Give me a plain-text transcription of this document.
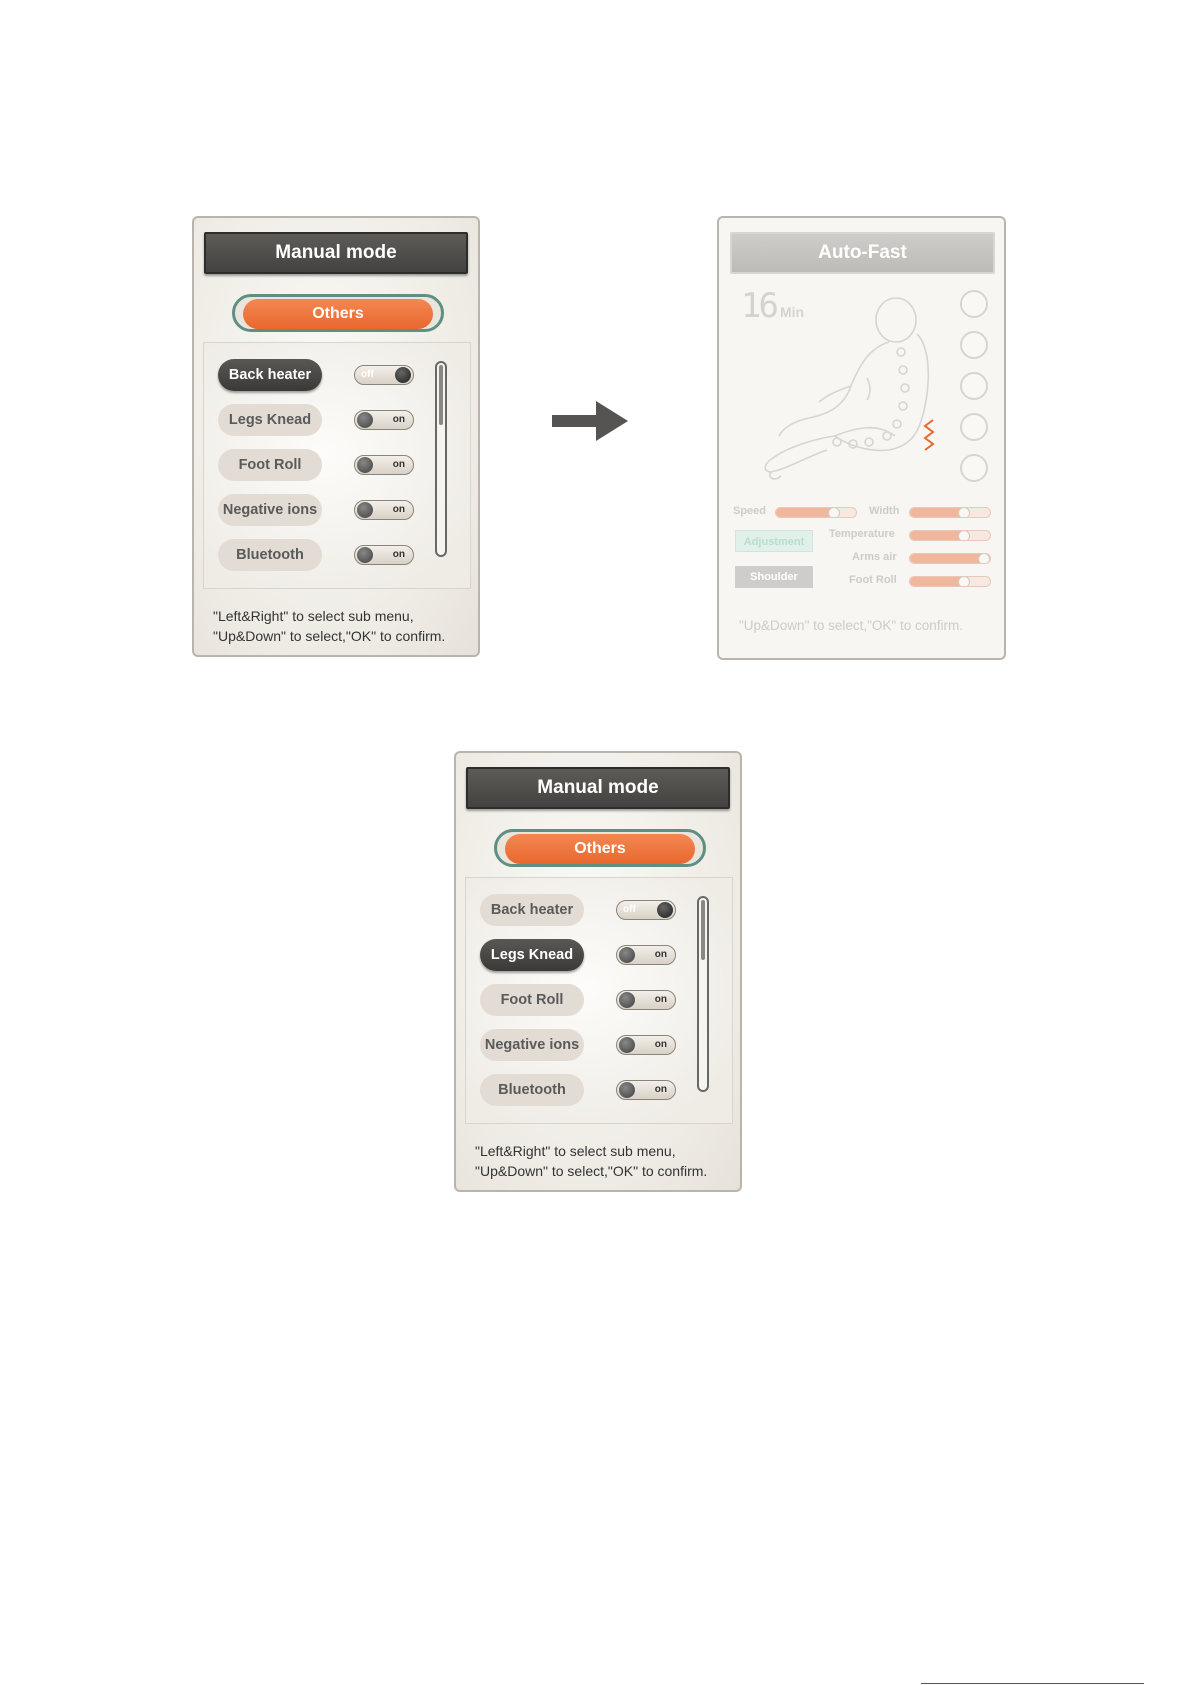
Manual mode
Others
Back heater	off
Legs Knead	on
Foot Roll	on
Negative ions	on
Bluetooth	on
"Left&Right" to select sub menu,
"Up&Down" to select,"OK" to confirm.
Auto-Fast
16 Min
Speed	Width
Adjustment
Temperature
Arms air
Shoulder	Foot Roll
"Up&Down" to select,"OK" to confirm.
Manual mode
Others
Back heater	off
Legs Knead	on
Foot Roll	on
Negative ions	on
Bluetooth	on
"Left&Right" to select sub menu,
"Up&Down" to select,"OK" to confirm.
